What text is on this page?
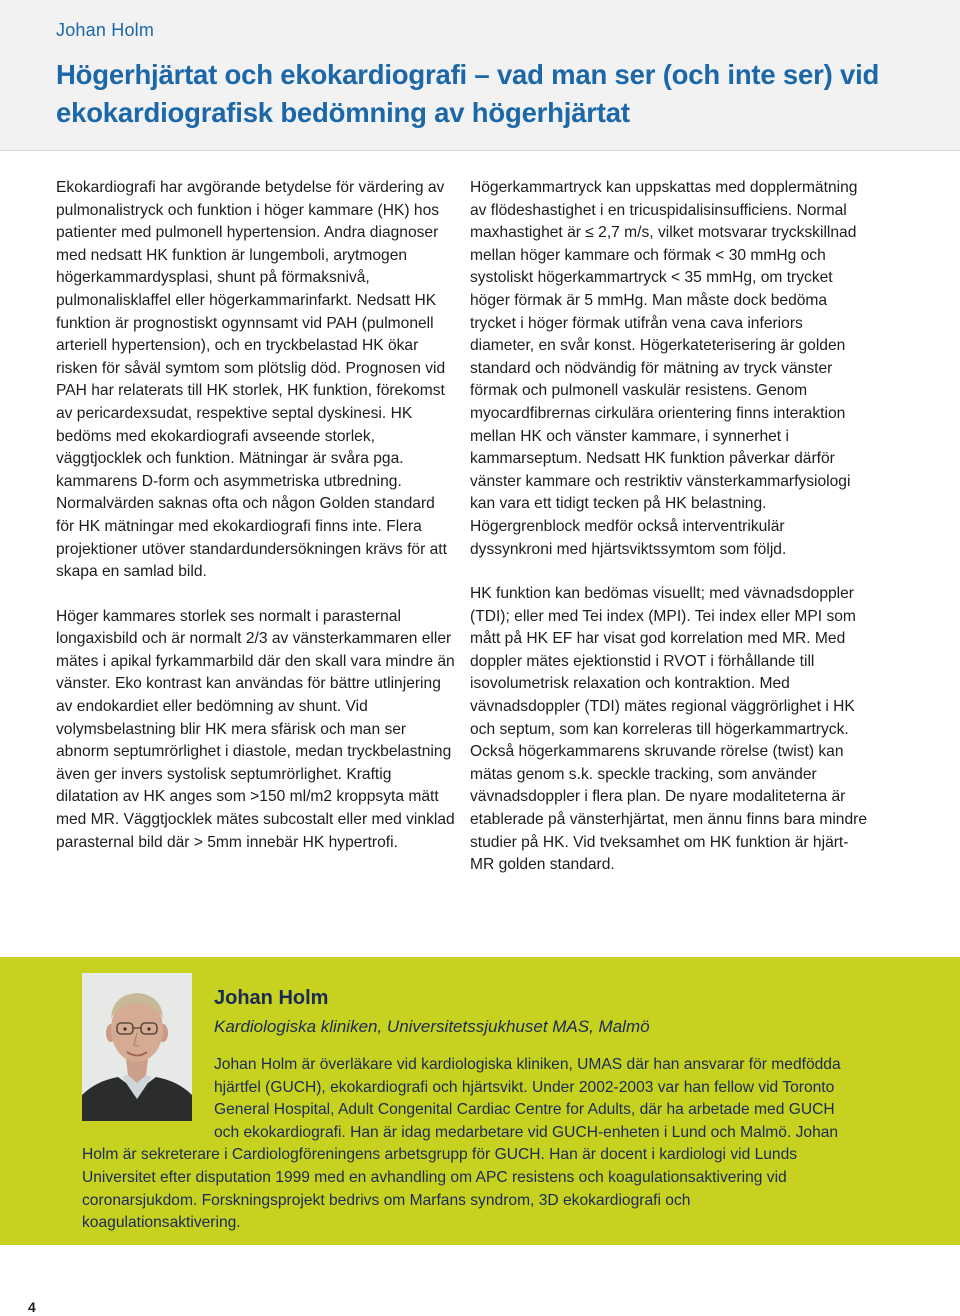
Johan Holm
Högerhjärtat och ekokardiografi – vad man ser (och inte ser) vid ekokardiografisk bedömning av högerhjärtat

Ekokardiografi har avgörande betydelse för värdering av pulmonalistryck och funktion i höger kammare (HK) hos patienter med pulmonell hypertension. Andra diagnoser med nedsatt HK funktion är lungemboli, arytmogen högerkammardysplasi, shunt på förmaksnivå, pulmonalisklaffel eller högerkammarinfarkt. Nedsatt HK funktion är prognostiskt ogynnsamt vid PAH (pulmonell arteriell hypertension), och en tryckbelastad HK ökar risken för såväl symtom som plötslig död. Prognosen vid PAH har relaterats till HK storlek, HK funktion, förekomst av pericardexsudat, respektive septal dyskinesi. HK bedöms med ekokardiografi avseende storlek, väggtjocklek och funktion. Mätningar är svåra pga. kammarens D-form och asymmetriska utbredning. Normalvärden saknas ofta och någon Golden standard för HK mätningar med ekokardiografi finns inte. Flera projektioner utöver standardundersökningen krävs för att skapa en samlad bild.

Höger kammares storlek ses normalt i parasternal longaxisbild och är normalt 2/3 av vänsterkammaren eller mätes i apikal fyrkammarbild där den skall vara mindre än vänster. Eko kontrast kan användas för bättre utlinjering av endokardiet eller bedömning av shunt. Vid volymsbelastning blir HK mera sfärisk och man ser abnorm septumrörlighet i diastole, medan tryckbelastning även ger invers systolisk septumrörlighet. Kraftig dilatation av HK anges som >150 ml/m2 kroppsyta mätt med MR. Väggtjocklek mätes subcostalt eller med vinklad parasternal bild där > 5mm innebär HK hypertrofi.

Högerkammartryck kan uppskattas med dopplermätning av flödeshastighet i en tricuspidalisinsufficiens. Normal maxhastighet är ≤ 2,7 m/s, vilket motsvarar tryckskillnad mellan höger kammare och förmak < 30 mmHg och systoliskt högerkammartryck < 35 mmHg, om trycket höger förmak är 5 mmHg. Man måste dock bedöma trycket i höger förmak utifrån vena cava inferiors diameter, en svår konst. Högerkateterisering är golden standard och nödvändig för mätning av tryck vänster förmak och pulmonell vaskulär resistens. Genom myocardfibrernas cirkulära orientering finns interaktion mellan HK och vänster kammare, i synnerhet i kammarseptum. Nedsatt HK funktion påverkar därför vänster kammare och restriktiv vänsterkammarfysiologi kan vara ett tidigt tecken på HK belastning. Högergrenblock medför också interventrikulär dyssynkroni med hjärtsviktssymtom som följd.

HK funktion kan bedömas visuellt; med vävnadsdoppler (TDI); eller med Tei index (MPI). Tei index eller MPI som mått på HK EF har visat god korrelation med MR. Med doppler mätes ejektionstid i RVOT i förhållande till isovolumetrisk relaxation och kontraktion. Med vävnadsdoppler (TDI) mätes regional väggrörlighet i HK och septum, som kan korreleras till högerkammartryck. Också högerkammarens skruvande rörelse (twist) kan mätas genom s.k. speckle tracking, som använder vävnadsdoppler i flera plan. De nyare modaliteterna är etablerade på vänsterhjärtat, men ännu finns bara mindre studier på HK. Vid tveksamhet om HK funktion är hjärt-MR golden standard.

Johan Holm
Kardiologiska kliniken, Universitetssjukhuset MAS, Malmö

Johan Holm är överläkare vid kardiologiska kliniken, UMAS där han ansvarar för medfödda hjärtfel (GUCH), ekokardiografi och hjärtsvikt. Under 2002-2003 var han fellow vid Toronto General Hospital, Adult Congenital Cardiac Centre for Adults, där ha arbetade med GUCH och ekokardiografi. Han är idag medarbetare vid GUCH-enheten i Lund och Malmö. Johan Holm är sekreterare i Cardiologföreningens arbetsgrupp för GUCH. Han är docent i kardiologi vid Lunds Universitet efter disputation 1999 med en avhandling om APC resistens och koagulationsaktivering vid coronarsjukdom. Forskningsprojekt bedrivs om Marfans syndrom, 3D ekokardiografi och koagulationsaktivering.

4
